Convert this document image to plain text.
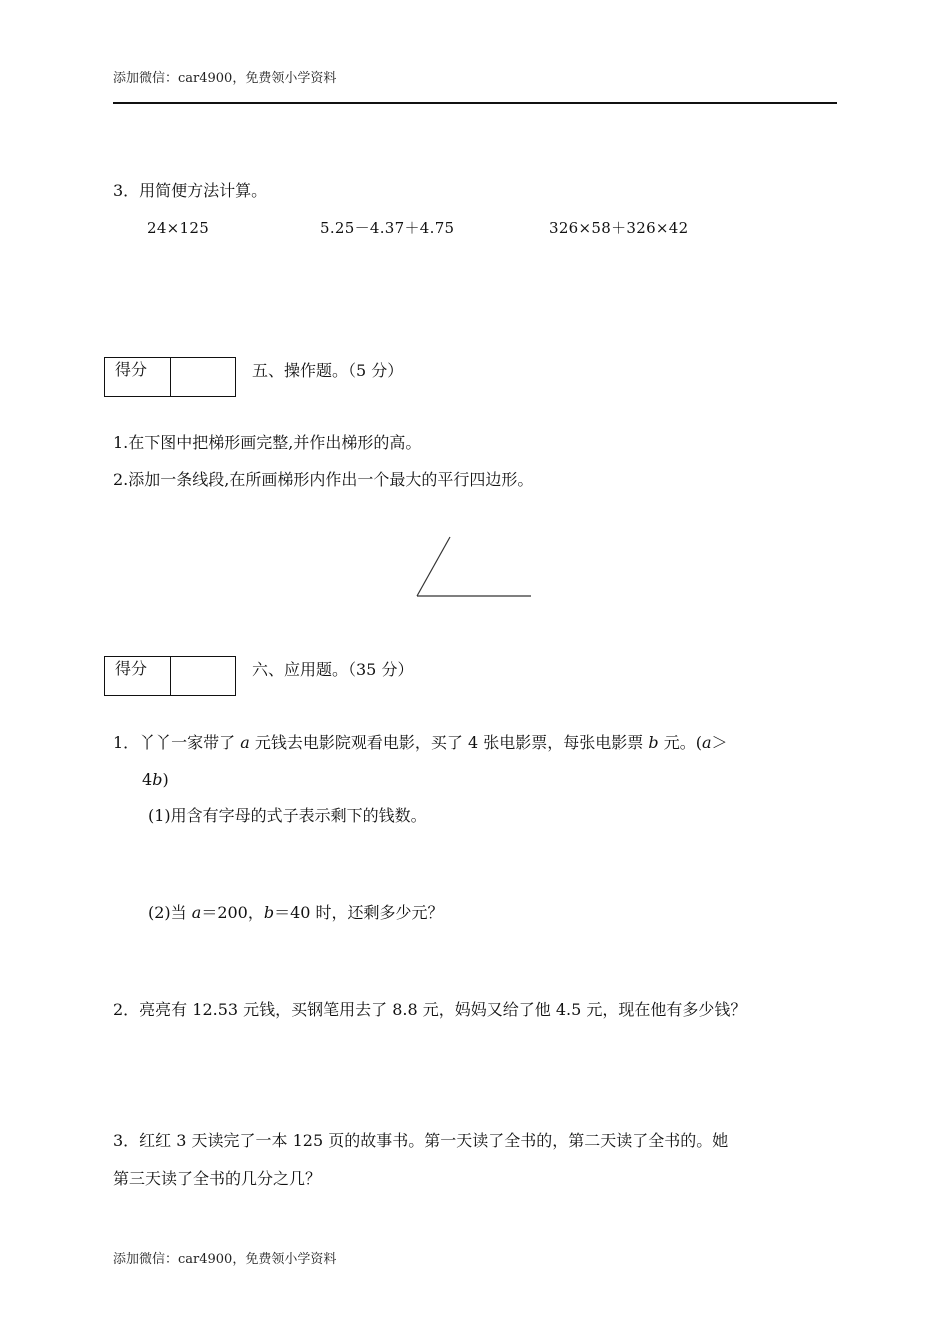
添加微信：car4900，免费领小学资料
3．用简便方法计算。
24×125	5.25－4.37＋4.75	326×58＋326×42
得分	五、操作题。（5 分）
1.在下图中把梯形画完整,并作出梯形的高。
2.添加一条线段,在所画梯形内作出一个最大的平行四边形。
得分	六、应用题。（35 分）
1．丫丫一家带了 a 元钱去电影院观看电影，买了 4 张电影票，每张电影票 b 元。(a＞
4b)
(1)用含有字母的式子表示剩下的钱数。
(2)当 a＝200，b＝40 时，还剩多少元？
2．亮亮有 12.53 元钱，买钢笔用去了 8.8 元，妈妈又给了他 4.5 元，现在他有多少钱？
3．红红 3 天读完了一本 125 页的故事书。第一天读了全书的，第二天读了全书的。她
第三天读了全书的几分之几？
添加微信：car4900，免费领小学资料
